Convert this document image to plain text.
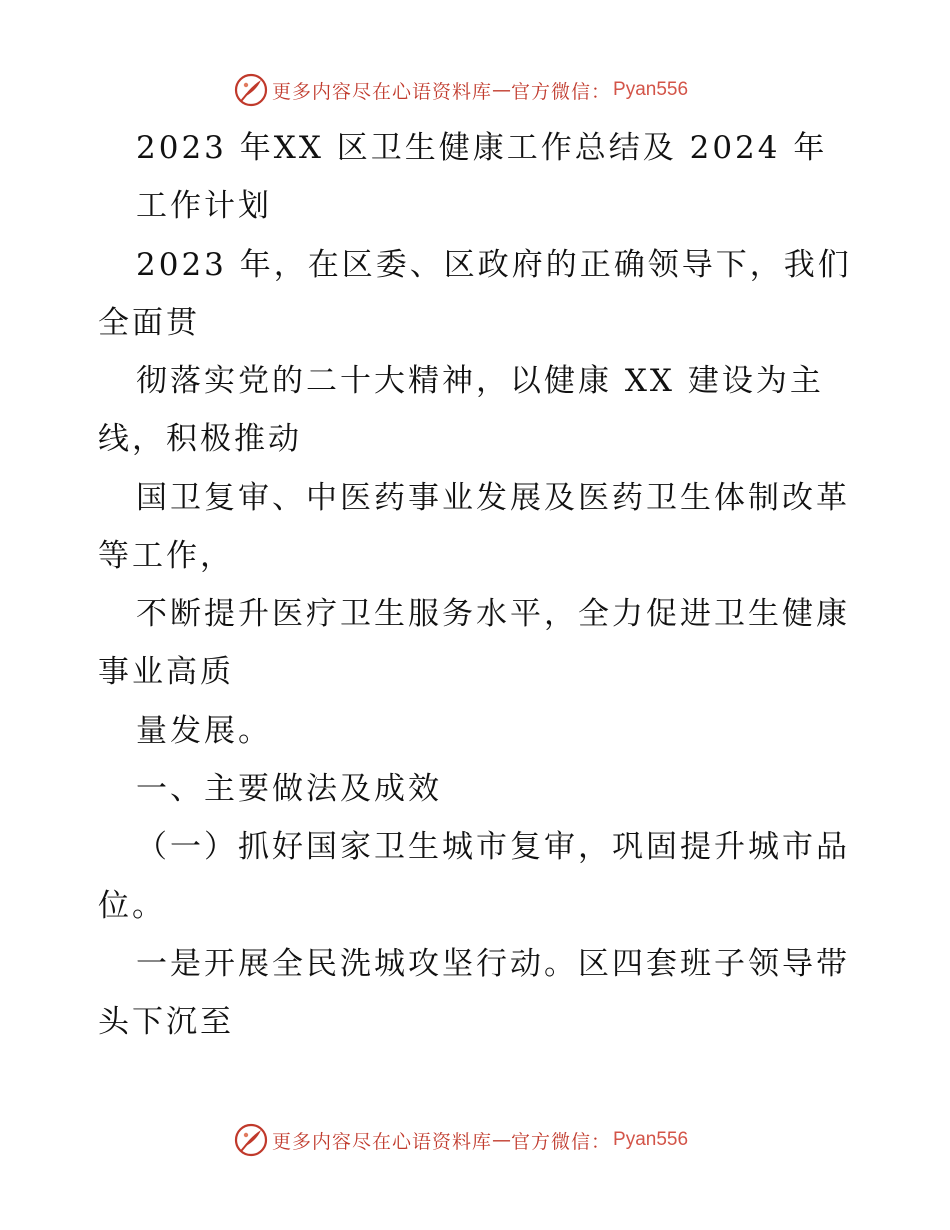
更多内容尽在心语资料库 — 官方微信： Pyan556

2023 年XX 区卫生健康工作总结及 2024 年

工作计划

2023 年，在区委、区政府的正确领导下，我们

全面贯

彻落实党的二十大精神，以健康 XX 建设为主

线，积极推动

国卫复审、中医药事业发展及医药卫生体制改革

等工作，

不断提升医疗卫生服务水平，全力促进卫生健康

事业高质

量发展。

一、主要做法及成效

（一）抓好国家卫生城市复审，巩固提升城市品

位。

一是开展全民洗城攻坚行动。区四套班子领导带

头下沉至

更多内容尽在心语资料库 — 官方微信： Pyan556
